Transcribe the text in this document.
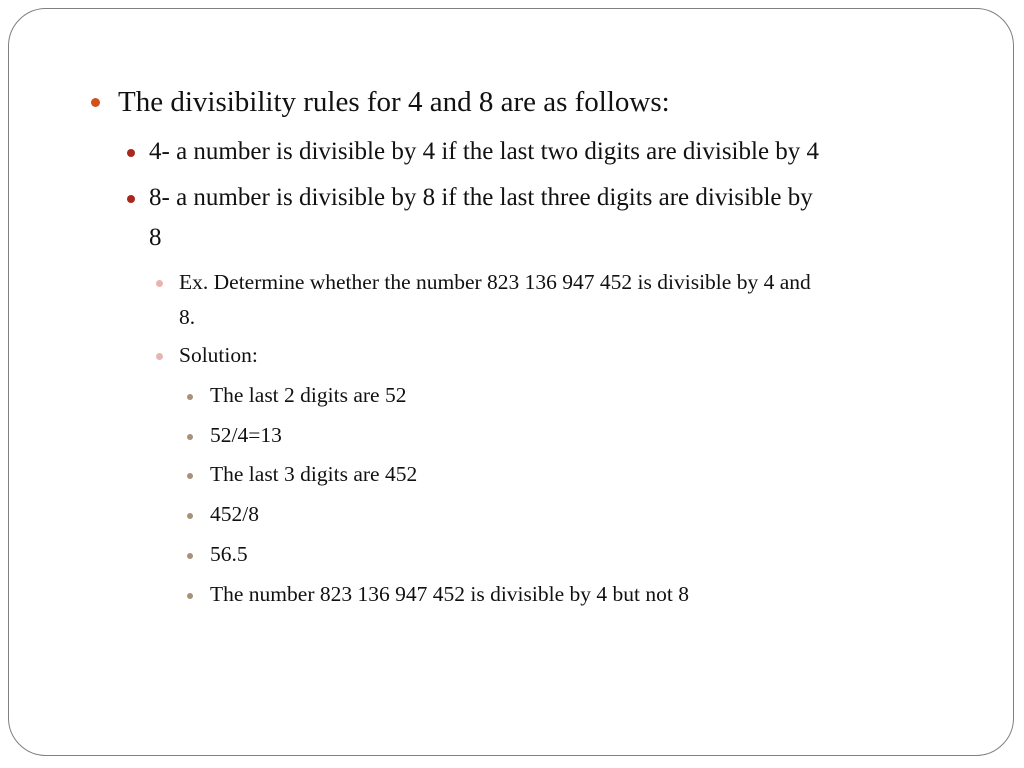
The divisibility rules for 4 and 8 are as follows:
4- a number is divisible by 4 if the last two digits are divisible by 4
8- a number is divisible by 8 if the last three digits are divisible by
8
Ex. Determine whether the number 823 136 947 452 is divisible by 4 and
8.
Solution:
The last 2 digits are 52
52/4=13
The last 3 digits are 452
452/8
56.5
The number 823 136 947 452 is divisible by 4 but not 8
